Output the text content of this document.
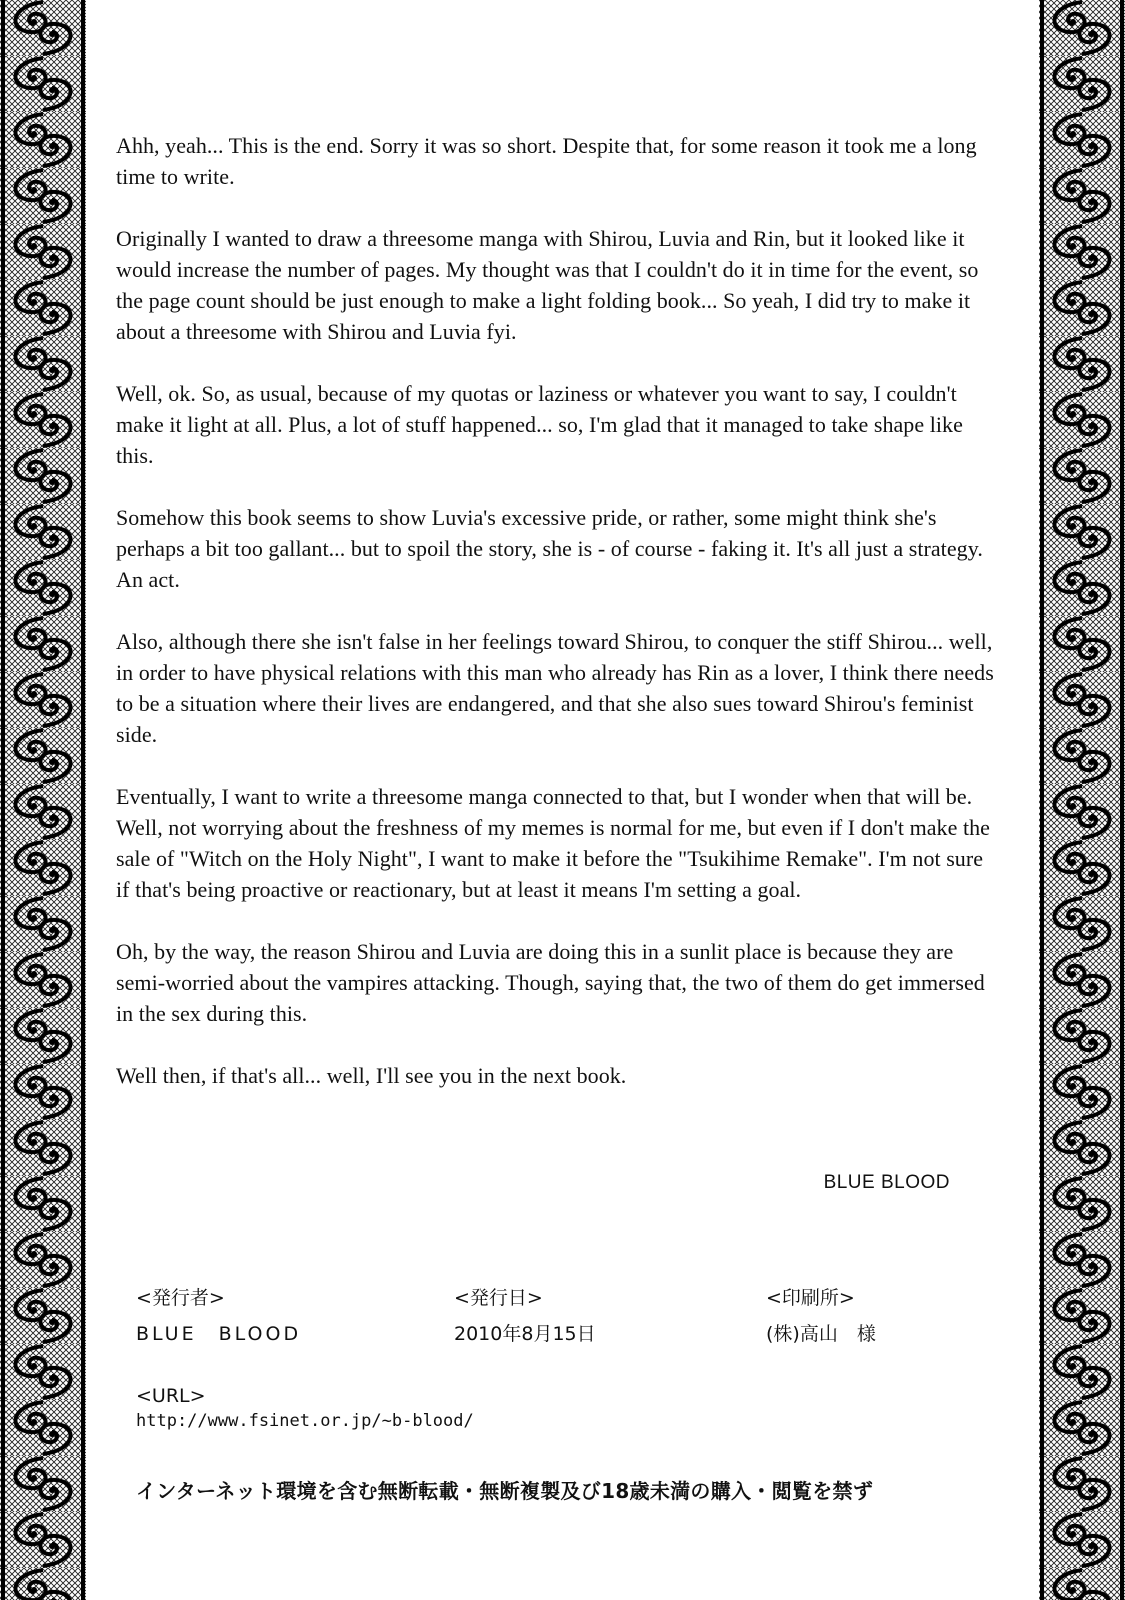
Ahh, yeah... This is the end. Sorry it was so short. Despite that, for some reason it took me a long time to write.

Originally I wanted to draw a threesome manga with Shirou, Luvia and Rin, but it looked like it would increase the number of pages. My thought was that I couldn't do it in time for the event, so the page count should be just enough to make a light folding book... So yeah, I did try to make it about a threesome with Shirou and Luvia fyi.

Well, ok. So, as usual, because of my quotas or laziness or whatever you want to say, I couldn't make it light at all. Plus, a lot of stuff happened... so, I'm glad that it managed to take shape like this.

Somehow this book seems to show Luvia's excessive pride, or rather, some might think she's perhaps a bit too gallant... but to spoil the story, she is - of course - faking it. It's all just a strategy. An act.

Also, although there she isn't false in her feelings toward Shirou, to conquer the stiff Shirou... well, in order to have physical relations with this man who already has Rin as a lover, I think there needs to be a situation where their lives are endangered, and that she also sues toward Shirou's feminist side.

Eventually, I want to write a threesome manga connected to that, but I wonder when that will be. Well, not worrying about the freshness of my memes is normal for me, but even if I don't make the sale of "Witch on the Holy Night", I want to make it before the "Tsukihime Remake". I'm not sure if that's being proactive or reactionary, but at least it means I'm setting a goal.

Oh, by the way, the reason Shirou and Luvia are doing this in a sunlit place is because they are semi-worried about the vampires attacking. Though, saying that, the two of them do get immersed in the sex during this.

Well then, if that's all... well, I'll see you in the next book.

BLUE BLOOD
<発行者>	<発行日>	<印刷所>
BLUE　BLOOD	2010年8月15日	(株)高山　様
<URL>
http://www.fsinet.or.jp/~b-blood/
インターネット環境を含む無断転載・無断複製及び18歳未満の購入・閲覧を禁ず
